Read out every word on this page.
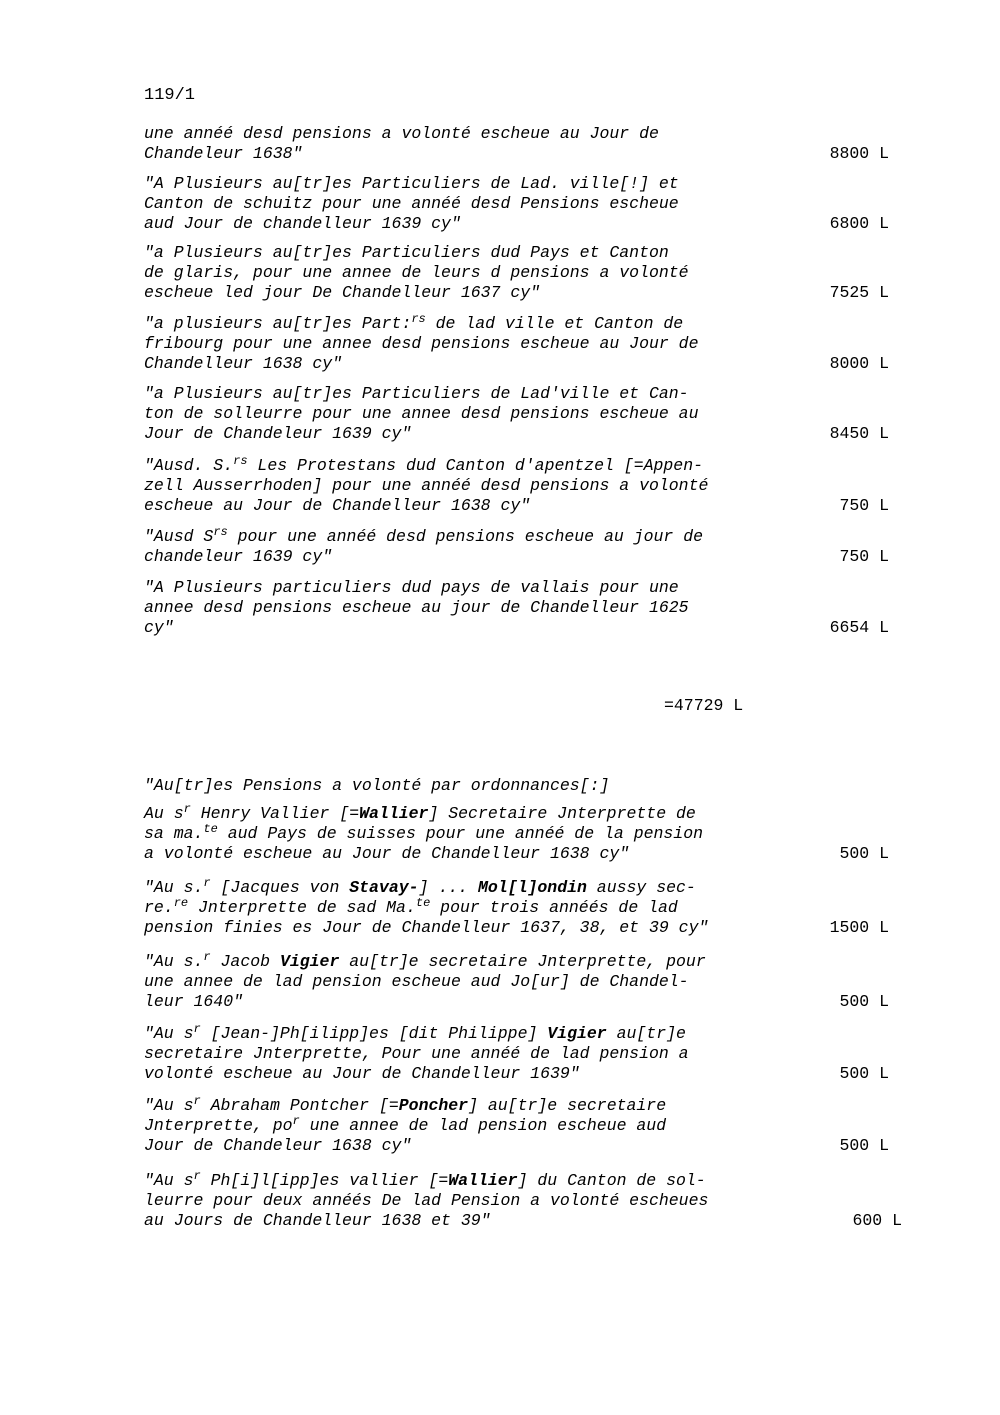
119/1
une annéé desd pensions a volonté escheue au Jour de
Chandeleur 1638"	8800 L
"A Plusieurs au[tr]es Particuliers de Lad. ville[!] et
Canton de schuitz pour une annéé desd Pensions escheue
aud Jour de chandelleur 1639 cy"	6800 L
"a Plusieurs au[tr]es Particuliers dud Pays et Canton
de glaris, pour une annee de leurs d pensions a volonté
escheue led jour De Chandelleur 1637 cy"	7525 L
"a plusieurs au[tr]es Part:$^{rs}$ de lad ville et Canton de
fribourg pour une annee desd pensions escheue au Jour de
Chandelleur 1638 cy"	8000 L
"a Plusieurs au[tr]es Particuliers de Lad'ville et Can-
ton de solleurre pour une annee desd pensions escheue au
Jour de Chandeleur 1639 cy"	8450 L
"Ausd. S.$^{rs}$ Les Protestans dud Canton d'apentzel [=Appen-
zell Ausserrhoden] pour une annéé desd pensions a volonté
escheue au Jour de Chandelleur 1638 cy"	750 L
"Ausd $S^{rs}$ pour une annéé desd pensions escheue au jour de
chandeleur 1639 cy"	750 L
"A Plusieurs particuliers dud pays de vallais pour une
annee desd pensions escheue au jour de Chandelleur 1625
cy"	6654 L
=47729 L
"Au[tr]es Pensions a volonté par ordonnances[:]
Au $s^r$ Henry Vallier [=Wallier] Secretaire Jnterprette de
sa ma.$^{te}$ aud Pays de suisses pour une annéé de la pension
a volonté escheue au Jour de Chandelleur 1638 cy"	500 L
"Au s.$^r$ [Jacques von Stavay-] ... Mol[l]ondin aussy sec-
re.$^{re}$ Jnterprette de sad Ma.$^{te}$ pour trois annéés de lad
pension finies es Jour de Chandelleur 1637, 38, et 39 cy"	1500 L
"Au s.$^r$ Jacob Vigier au[tr]e secretaire Jnterprette, pour
une annee de lad pension escheue aud Jo[ur] de Chandel-
leur 1640"	500 L
"Au $s^r$ [Jean-]Ph[ilipp]es [dit Philippe] Vigier au[tr]e
secretaire Jnterprette, Pour une annéé de lad pension a
volonté escheue au Jour de Chandelleur 1639"	500 L
"Au $s^r$ Abraham Pontcher [=Poncher] au[tr]e secretaire
Jnterprette, $po^r$ une annee de lad pension escheue aud
Jour de Chandeleur 1638 cy"	500 L
"Au $s^r$ Ph[i]l[ipp]es vallier [=Wallier] du Canton de sol-
leurre pour deux annéés De lad Pension a volonté escheues
au Jours de Chandelleur 1638 et 39"	600 L
